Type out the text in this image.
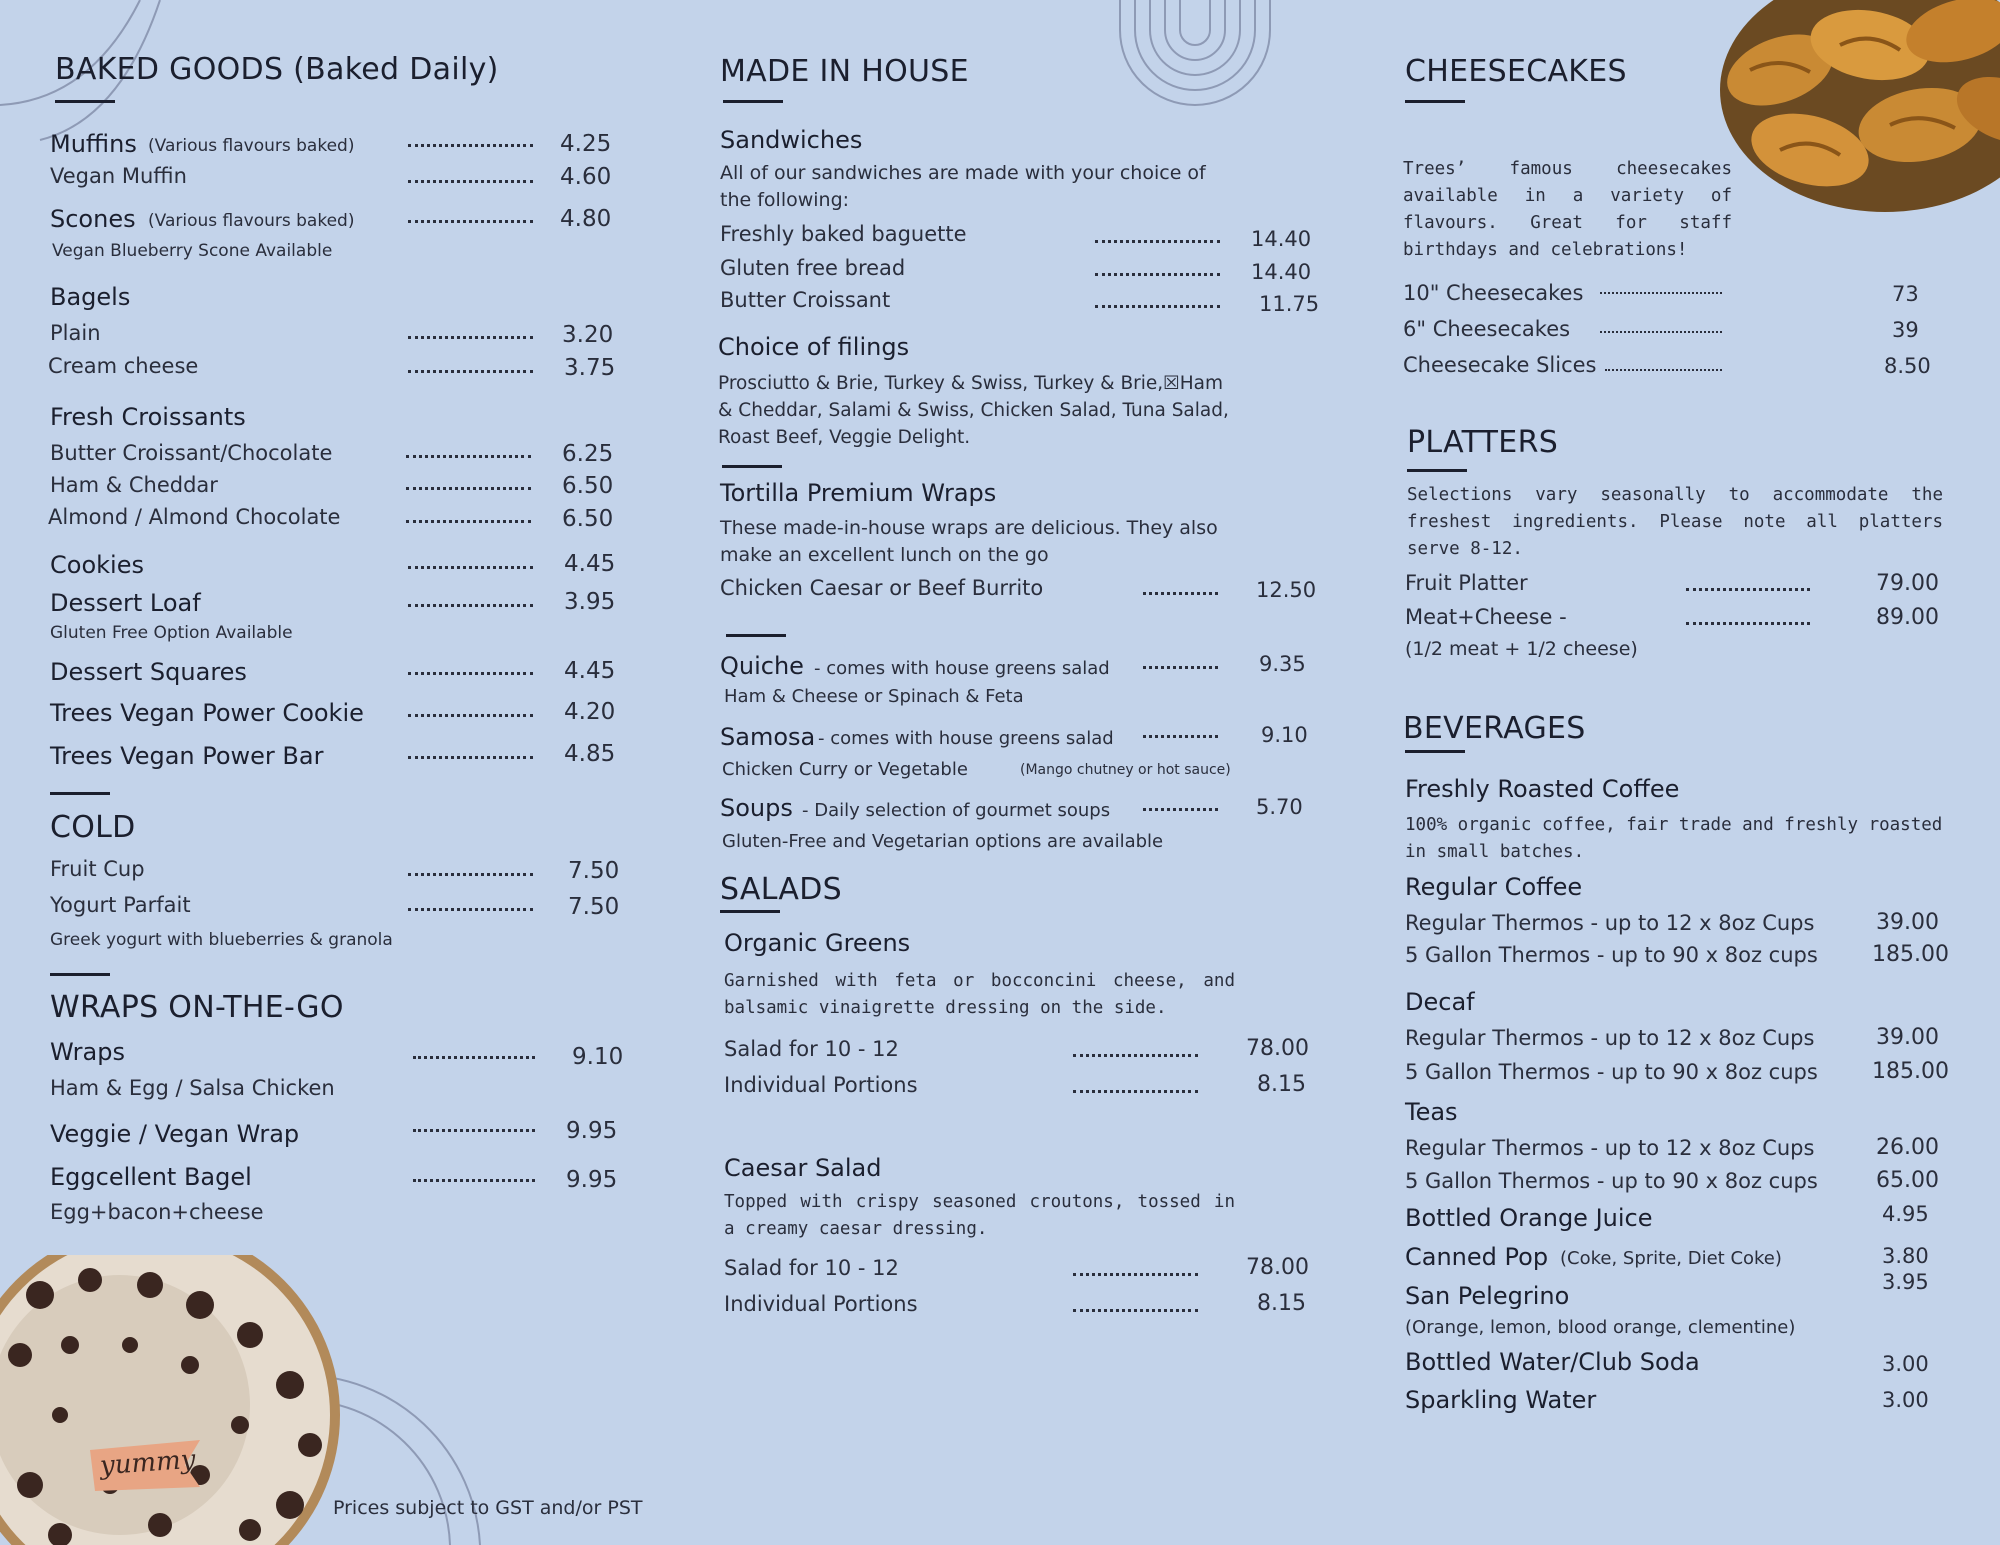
yummy
BAKED GOODS (Baked Daily)
Muffins (Various flavours baked)	4.25
Vegan Muffin	4.60
Scones (Various flavours baked)	4.80
Vegan Blueberry Scone Available
Bagels
Plain	3.20
Cream cheese	3.75
Fresh Croissants
Butter Croissant/Chocolate	6.25
Ham & Cheddar	6.50
Almond / Almond Chocolate	6.50
Cookies	4.45
Dessert Loaf	3.95
Gluten Free Option Available
Dessert Squares	4.45
Trees Vegan Power Cookie	4.20
Trees Vegan Power Bar	4.85
COLD
Fruit Cup	7.50
Yogurt Parfait	7.50
Greek yogurt with blueberries & granola
WRAPS ON-THE-GO
Wraps	9.10
Ham & Egg / Salsa Chicken
Veggie / Vegan Wrap	9.95
Eggcellent Bagel	9.95
Egg+bacon+cheese
MADE IN HOUSE
Sandwiches
All of our sandwiches are made with your choice of the following:
Freshly baked baguette	14.40
Gluten free bread	14.40
Butter Croissant	11.75
Choice of filings
Prosciutto & Brie, Turkey & Swiss, Turkey & Brie,☒Ham & Cheddar, Salami & Swiss, Chicken Salad, Tuna Salad, Roast Beef, Veggie Delight.
Tortilla Premium Wraps
These made-in-house wraps are delicious. They also make an excellent lunch on the go
Chicken Caesar or Beef Burrito	12.50
Quiche - comes with house greens salad	9.35
Ham & Cheese or Spinach & Feta
Samosa - comes with house greens salad	9.10
Chicken Curry or Vegetable	(Mango chutney or hot sauce)
Soups - Daily selection of gourmet soups	5.70
Gluten-Free and Vegetarian options are available
SALADS
Organic Greens
Garnished with feta or bocconcini cheese, and balsamic vinaigrette dressing on the side.
Salad for 10 - 12	78.00
Individual Portions	8.15
Caesar Salad
Topped with crispy seasoned croutons, tossed in a creamy caesar dressing.
Salad for 10 - 12	78.00
Individual Portions	8.15
Prices subject to GST and/or PST
CHEESECAKES
Trees’ famous cheesecakes available in a variety of flavours. Great for staff birthdays and celebrations!
10" Cheesecakes	73
6" Cheesecakes	39
Cheesecake Slices	8.50
PLATTERS
Selections vary seasonally to accommodate the freshest ingredients. Please note all platters serve 8-12.
Fruit Platter	79.00
Meat+Cheese -	89.00
(1/2 meat + 1/2 cheese)
BEVERAGES
Freshly Roasted Coffee
100% organic coffee, fair trade and freshly roasted in small batches.
Regular Coffee
Regular Thermos - up to 12 x 8oz Cups	39.00
5 Gallon Thermos - up to 90 x 8oz cups 185.00
Decaf
Regular Thermos - up to 12 x 8oz Cups	39.00
5 Gallon Thermos - up to 90 x 8oz cups 185.00
Teas
Regular Thermos - up to 12 x 8oz Cups	26.00
5 Gallon Thermos - up to 90 x 8oz cups	65.00
Bottled Orange Juice	4.95
Canned Pop (Coke, Sprite, Diet Coke)	3.80
San Pelegrino	3.95
(Orange, lemon, blood orange, clementine)
Bottled Water/Club Soda	3.00
Sparkling Water	3.00
